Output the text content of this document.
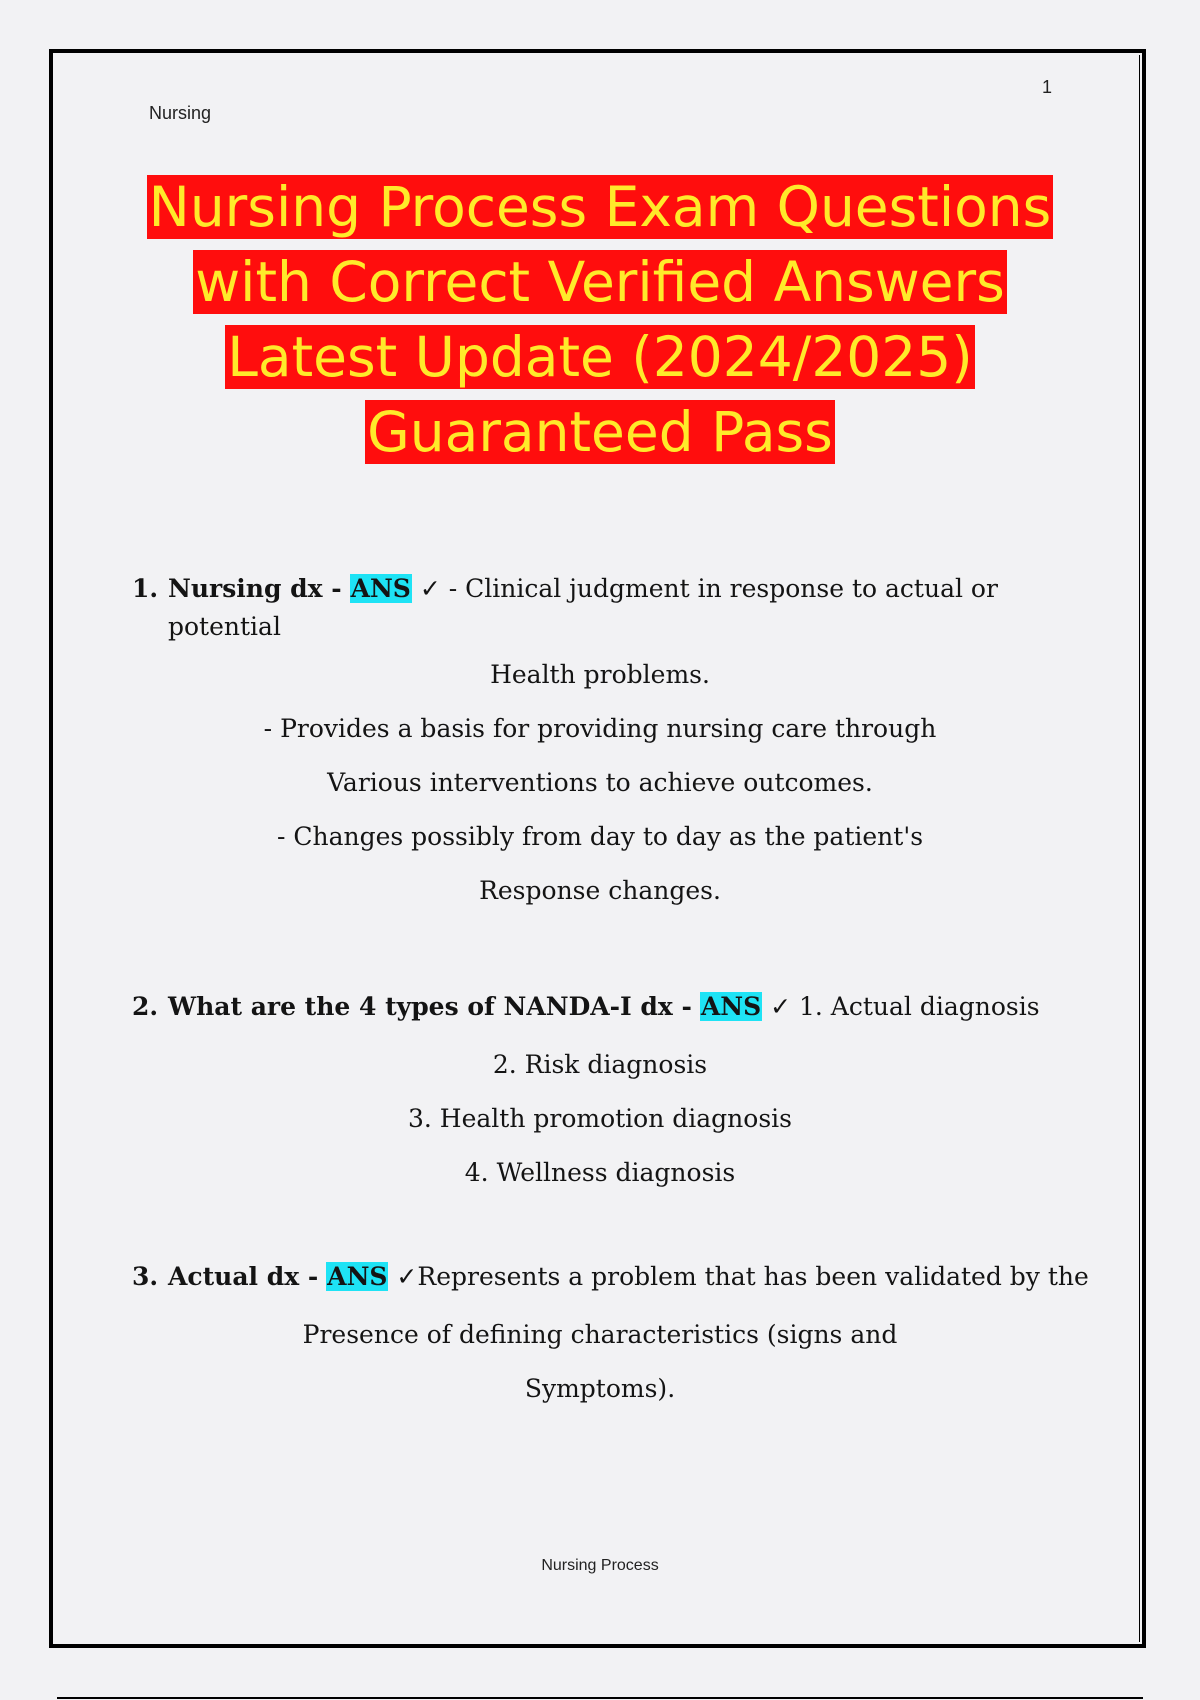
1
Nursing
Nursing Process Exam Questions
with Correct Verified Answers
Latest Update (2024/2025)
Guaranteed Pass
1. Nursing dx - ANS ✓ - Clinical judgment in response to actual or potential
Health problems.
- Provides a basis for providing nursing care through
Various interventions to achieve outcomes.
- Changes possibly from day to day as the patient's
Response changes.
2. What are the 4 types of NANDA-I dx - ANS ✓ 1. Actual diagnosis
2. Risk diagnosis
3. Health promotion diagnosis
4. Wellness diagnosis
3. Actual dx - ANS ✓Represents a problem that has been validated by the
Presence of defining characteristics (signs and
Symptoms).
Nursing Process
